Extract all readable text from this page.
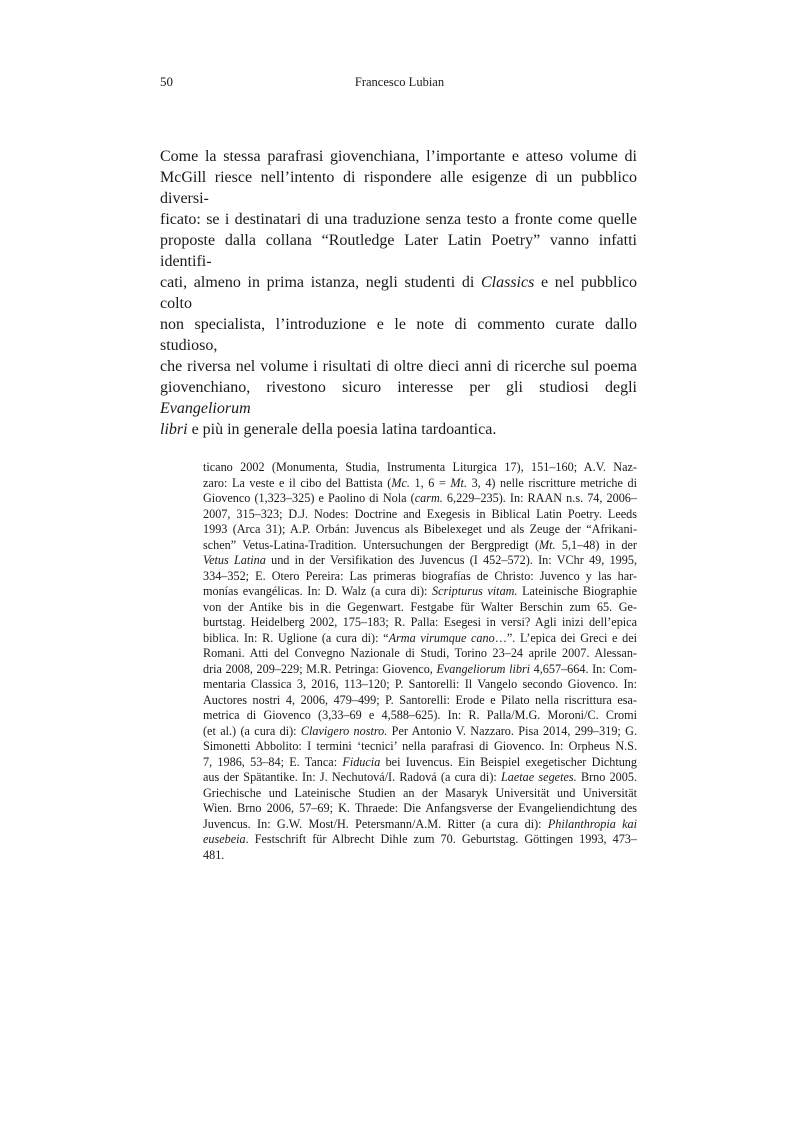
50	Francesco Lubian
Come la stessa parafrasi giovenchiana, l’importante e atteso volume di
McGill riesce nell’intento di rispondere alle esigenze di un pubblico diversi-
ficato: se i destinatari di una traduzione senza testo a fronte come quelle
proposte dalla collana “Routledge Later Latin Poetry” vanno infatti identifi-
cati, almeno in prima istanza, negli studenti di Classics e nel pubblico colto
non specialista, l’introduzione e le note di commento curate dallo studioso,
che riversa nel volume i risultati di oltre dieci anni di ricerche sul poema
giovenchiano, rivestono sicuro interesse per gli studiosi degli Evangeliorum
libri e più in generale della poesia latina tardoantica.
ticano 2002 (Monumenta, Studia, Instrumenta Liturgica 17), 151–160; A.V. Naz-
zaro: La veste e il cibo del Battista (Mc. 1, 6 = Mt. 3, 4) nelle riscritture metriche di
Giovenco (1,323–325) e Paolino di Nola (carm. 6,229–235). In: RAAN n.s. 74, 2006–
2007, 315–323; D.J. Nodes: Doctrine and Exegesis in Biblical Latin Poetry. Leeds
1993 (Arca 31); A.P. Orbán: Juvencus als Bibelexeget und als Zeuge der “Afrikani-
schen” Vetus-Latina-Tradition. Untersuchungen der Bergpredigt (Mt. 5,1–48) in der
Vetus Latina und in der Versifikation des Juvencus (I 452–572). In: VChr 49, 1995,
334–352; E. Otero Pereira: Las primeras biografías de Christo: Juvenco y las har-
monías evangélicas. In: D. Walz (a cura di): Scripturus vitam. Lateinische Biographie
von der Antike bis in die Gegenwart. Festgabe für Walter Berschin zum 65. Ge-
burtstag. Heidelberg 2002, 175–183; R. Palla: Esegesi in versi? Agli inizi dell’epica
biblica. In: R. Uglione (a cura di): “Arma virumque cano…”. L’epica dei Greci e dei
Romani. Atti del Convegno Nazionale di Studi, Torino 23–24 aprile 2007. Alessan-
dria 2008, 209–229; M.R. Petringa: Giovenco, Evangeliorum libri 4,657–664. In: Com-
mentaria Classica 3, 2016, 113–120; P. Santorelli: Il Vangelo secondo Giovenco. In:
Auctores nostri 4, 2006, 479–499; P. Santorelli: Erode e Pilato nella riscrittura esa-
metrica di Giovenco (3,33–69 e 4,588–625). In: R. Palla/M.G. Moroni/C. Cromi
(et al.) (a cura di): Clavigero nostro. Per Antonio V. Nazzaro. Pisa 2014, 299–319; G.
Simonetti Abbolito: I termini ‘tecnici’ nella parafrasi di Giovenco. In: Orpheus N.S.
7, 1986, 53–84; E. Tanca: Fiducia bei Iuvencus. Ein Beispiel exegetischer Dichtung
aus der Spätantike. In: J. Nechutová/I. Radová (a cura di): Laetae segetes. Brno 2005.
Griechische und Lateinische Studien an der Masaryk Universität und Universität
Wien. Brno 2006, 57–69; K. Thraede: Die Anfangsverse der Evangeliendichtung des
Juvencus. In: G.W. Most/H. Petersmann/A.M. Ritter (a cura di): Philanthropia kai
eusebeia. Festschrift für Albrecht Dihle zum 70. Geburtstag. Göttingen 1993, 473–
481.
